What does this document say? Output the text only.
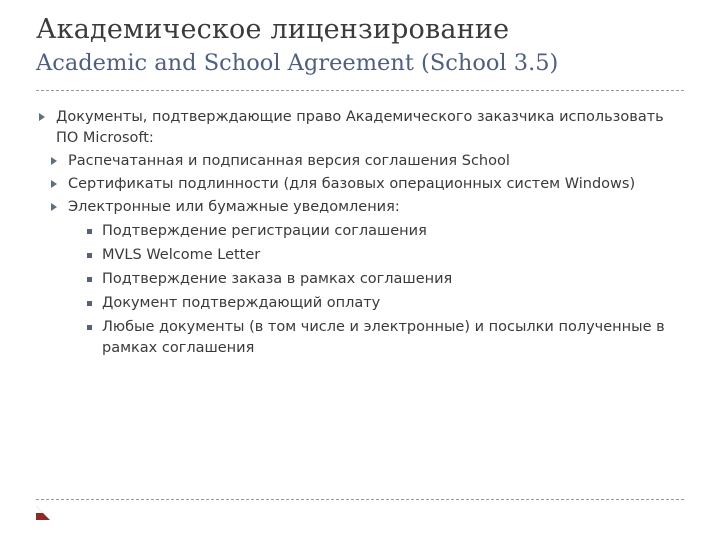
Академическое лицензирование
Academic and School Agreement (School 3.5)
Документы, подтверждающие право Академического заказчика использовать ПО Microsoft:
Распечатанная и подписанная версия соглашения School
Сертификаты подлинности (для базовых операционных систем Windows)
Электронные или бумажные уведомления:
Подтверждение регистрации соглашения
MVLS Welcome Letter
Подтверждение заказа в рамках соглашения
Документ подтверждающий оплату
Любые документы (в том числе и электронные) и посылки полученные в рамках соглашения
